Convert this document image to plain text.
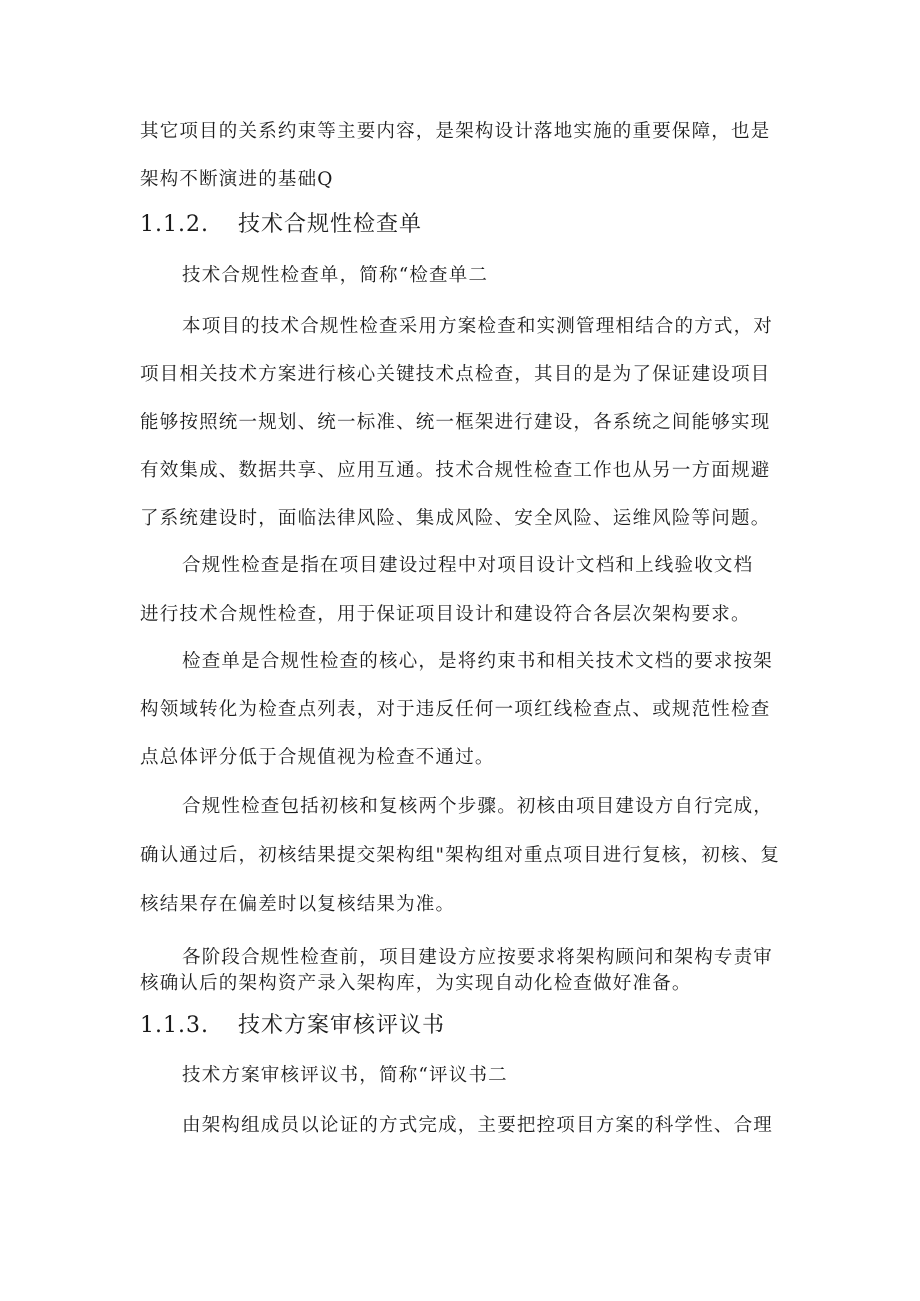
其它项目的关系约束等主要内容，是架构设计落地实施的重要保障，也是

架构不断演进的基础Q

1.1.2. 技术合规性检查单

技术合规性检查单，简称“检查单二

本项目的技术合规性检查采用方案检查和实测管理相结合的方式，对

项目相关技术方案进行核心关键技术点检查，其目的是为了保证建设项目

能够按照统一规划、统一标准、统一框架进行建设，各系统之间能够实现

有效集成、数据共享、应用互通。技术合规性检查工作也从另一方面规避

了系统建设时，面临法律风险、集成风险、安全风险、运维风险等问题。

合规性检查是指在项目建设过程中对项目设计文档和上线验收文档

进行技术合规性检查，用于保证项目设计和建设符合各层次架构要求。

检查单是合规性检查的核心，是将约束书和相关技术文档的要求按架

构领域转化为检查点列表，对于违反任何一项红线检查点、或规范性检查

点总体评分低于合规值视为检查不通过。

合规性检查包括初核和复核两个步骤。初核由项目建设方自行完成，

确认通过后，初核结果提交架构组"架构组对重点项目进行复核，初核、复

核结果存在偏差时以复核结果为准。

各阶段合规性检查前，项目建设方应按要求将架构顾问和架构专责审

核确认后的架构资产录入架构库，为实现自动化检查做好准备。

1.1.3. 技术方案审核评议书

技术方案审核评议书，简称“评议书二

由架构组成员以论证的方式完成，主要把控项目方案的科学性、合理
